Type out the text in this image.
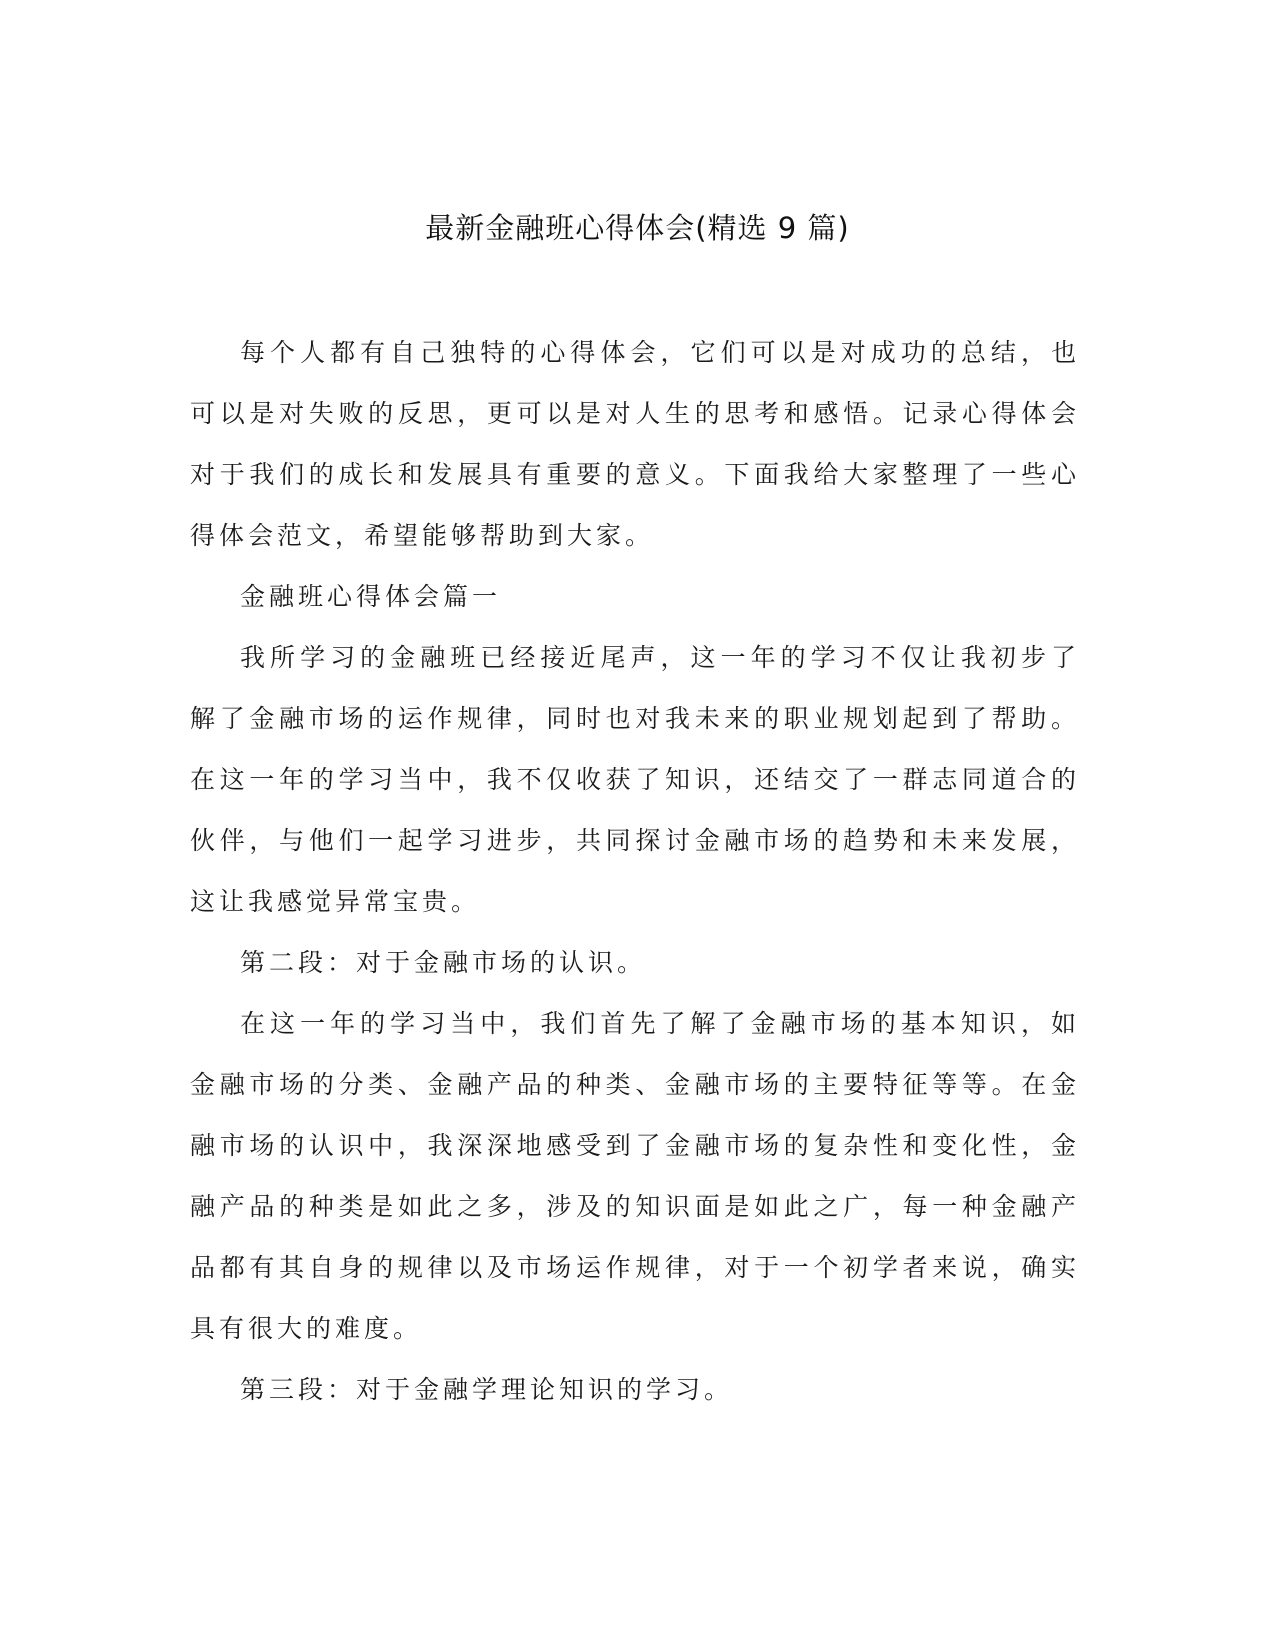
最新金融班心得体会(精选 9 篇)

每个人都有自己独特的心得体会，它们可以是对成功的总结，也可以是对失败的反思，更可以是对人生的思考和感悟。记录心得体会对于我们的成长和发展具有重要的意义。下面我给大家整理了一些心得体会范文，希望能够帮助到大家。

金融班心得体会篇一

我所学习的金融班已经接近尾声，这一年的学习不仅让我初步了解了金融市场的运作规律，同时也对我未来的职业规划起到了帮助。在这一年的学习当中，我不仅收获了知识，还结交了一群志同道合的伙伴，与他们一起学习进步，共同探讨金融市场的趋势和未来发展，这让我感觉异常宝贵。

第二段：对于金融市场的认识。

在这一年的学习当中，我们首先了解了金融市场的基本知识，如金融市场的分类、金融产品的种类、金融市场的主要特征等等。在金融市场的认识中，我深深地感受到了金融市场的复杂性和变化性，金融产品的种类是如此之多，涉及的知识面是如此之广，每一种金融产品都有其自身的规律以及市场运作规律，对于一个初学者来说，确实具有很大的难度。

第三段：对于金融学理论知识的学习。
